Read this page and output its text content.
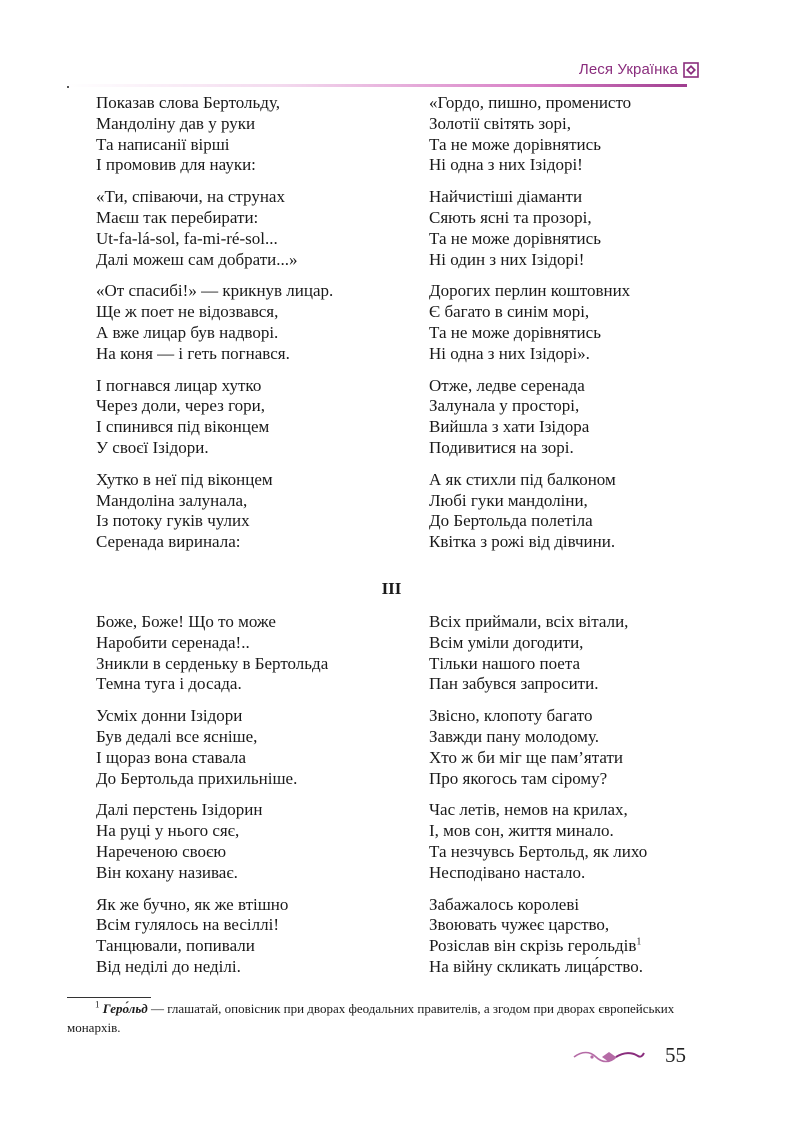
Леся Українка
Показав слова Бертольду,
Мандоліну дав у руки
Та написанії вірші
І промовив для науки:
«Ти, співаючи, на струнах
Маєш так перебирати:
Ut-fa-lá-sol, fa-mi-ré-sol...
Далі можеш сам добрати...»
«От спасибі!» — крикнув лицар.
Ще ж поет не відозвався,
А вже лицар був надворі.
На коня — і геть погнався.
І погнався лицар хутко
Через доли, через гори,
І спинився під віконцем
У своєї Ізідори.
Хутко в неї під віконцем
Мандоліна залунала,
Із потоку гуків чулих
Серенада виринала:
«Гордо, пишно, променисто
Золотії світять зорі,
Та не може дорівнятись
Ні одна з них Ізідорі!
Найчистіші діаманти
Сяють ясні та прозорі,
Та не може дорівнятись
Ні один з них Ізідорі!
Дорогих перлин коштовних
Є багато в синім морі,
Та не може дорівнятись
Ні одна з них Ізідорі».
Отже, ледве серенада
Залунала у просторі,
Вийшла з хати Ізідора
Подивитися на зорі.
А як стихли під балконом
Любі гуки мандоліни,
До Бертольда полетіла
Квітка з рожі від дівчини.
III
Боже, Боже! Що то може
Наробити серенада!..
Зникли в серденьку в Бертольда
Темна туга і досада.
Усміх донни Ізідори
Був дедалі все ясніше,
І щораз вона ставала
До Бертольда прихильніше.
Далі перстень Ізідорин
На руці у нього сяє,
Нареченою своєю
Він кохану називає.
Як же бучно, як же втішно
Всім гулялось на весіллі!
Танцювали, попивали
Від неділі до неділі.
Всіх приймали, всіх вітали,
Всім уміли догодити,
Тільки нашого поета
Пан забувся запросити.
Звісно, клопоту багато
Завжди пану молодому.
Хто ж би міг ще пам’ятати
Про якогось там сірому?
Час летів, немов на крилах,
І, мов сон, життя минало.
Та незчувсь Бертольд, як лихо
Несподівано настало.
Забажалось королеві
Звоювать чужеє царство,
Розіслав він скрізь герольдів$^1$
На війну скликать лица́рство.
$^1$ Геро́льд — глашатай, оповісник при дворах феодальних правителів, а згодом при дворах європейських монархів.
55
